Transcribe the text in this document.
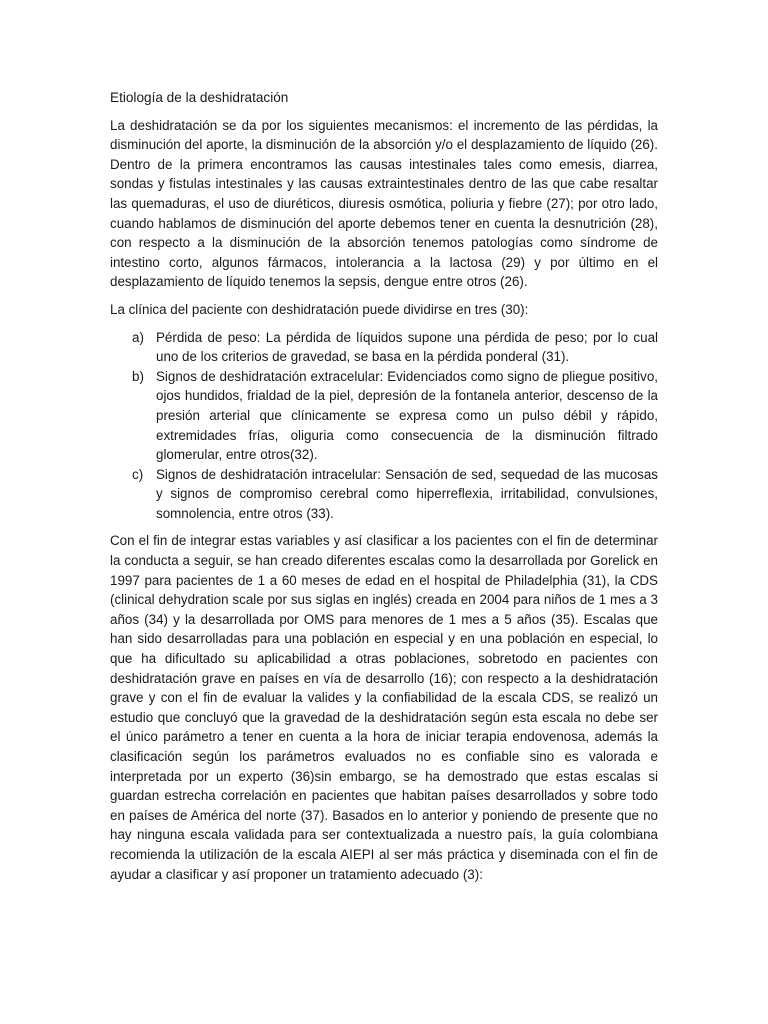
Etiología de la deshidratación

La deshidratación se da por los siguientes mecanismos: el incremento de las pérdidas, la disminución del aporte, la disminución de la absorción y/o el desplazamiento de líquido (26). Dentro de la primera encontramos las causas intestinales tales como emesis, diarrea, sondas y fistulas intestinales y las causas extraintestinales dentro de las que cabe resaltar las quemaduras, el uso de diuréticos, diuresis osmótica, poliuria y fiebre (27); por otro lado, cuando hablamos de disminución del aporte debemos tener en cuenta la desnutrición (28), con respecto a la disminución de la absorción tenemos patologías como síndrome de intestino corto, algunos fármacos, intolerancia a la lactosa (29) y por último en el desplazamiento de líquido tenemos la sepsis, dengue entre otros (26).

La clínica del paciente con deshidratación puede dividirse en tres (30):

a) Pérdida de peso: La pérdida de líquidos supone una pérdida de peso; por lo cual uno de los criterios de gravedad, se basa en la pérdida ponderal (31).
b) Signos de deshidratación extracelular: Evidenciados como signo de pliegue positivo, ojos hundidos, frialdad de la piel, depresión de la fontanela anterior, descenso de la presión arterial que clínicamente se expresa como un pulso débil y rápido, extremidades frías, oliguria como consecuencia de la disminución filtrado glomerular, entre otros(32).
c) Signos de deshidratación intracelular: Sensación de sed, sequedad de las mucosas y signos de compromiso cerebral como hiperreflexia, irritabilidad, convulsiones, somnolencia, entre otros (33).

Con el fin de integrar estas variables y así clasificar a los pacientes con el fin de determinar la conducta a seguir, se han creado diferentes escalas como la desarrollada por Gorelick en 1997 para pacientes de 1 a 60 meses de edad en el hospital de Philadelphia (31), la CDS (clinical dehydration scale por sus siglas en inglés) creada en 2004 para niños de 1 mes a 3 años (34) y la desarrollada por OMS para menores de 1 mes a 5 años (35). Escalas que han sido desarrolladas para una población en especial y en una población en especial, lo que ha dificultado su aplicabilidad a otras poblaciones, sobretodo en pacientes con deshidratación grave en países en vía de desarrollo (16); con respecto a la deshidratación grave y con el fin de evaluar la valides y la confiabilidad de la escala CDS, se realizó un estudio que concluyó que la gravedad de la deshidratación según esta escala no debe ser el único parámetro a tener en cuenta a la hora de iniciar terapia endovenosa, además la clasificación según los parámetros evaluados no es confiable sino es valorada e interpretada por un experto (36)sin embargo, se ha demostrado que estas escalas si guardan estrecha correlación en pacientes que habitan países desarrollados y sobre todo en países de América del norte (37). Basados en lo anterior y poniendo de presente que no hay ninguna escala validada para ser contextualizada a nuestro país, la guía colombiana recomienda la utilización de la escala AIEPI al ser más práctica y diseminada con el fin de ayudar a clasificar y así proponer un tratamiento adecuado (3):
